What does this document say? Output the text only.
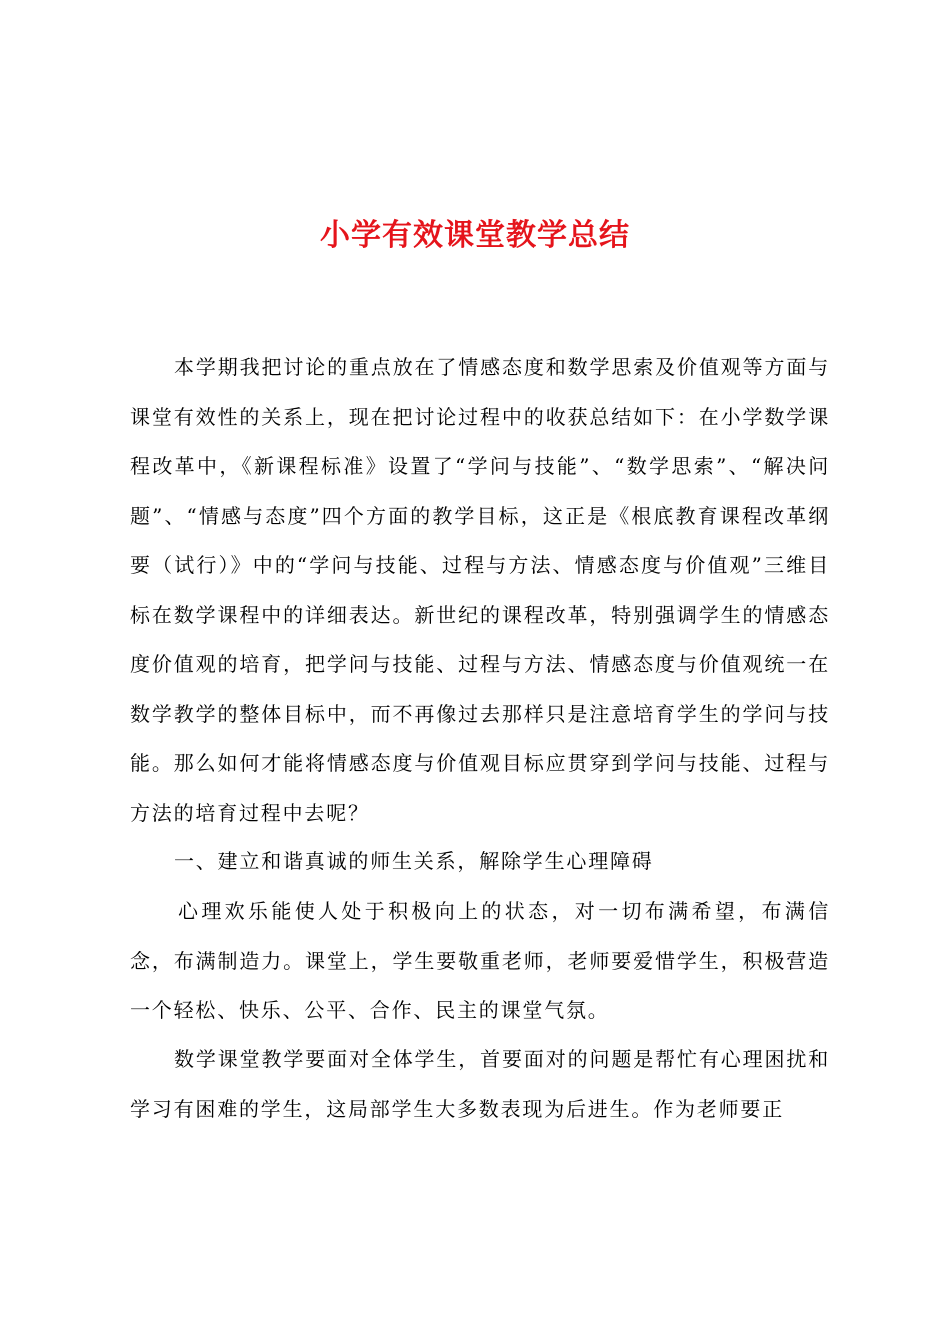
小学有效课堂教学总结

本学期我把讨论的重点放在了情感态度和数学思索及价值观等方面与课堂有效性的关系上，现在把讨论过程中的收获总结如下：在小学数学课程改革中，《新课程标准》设置了“学问与技能”、“数学思索”、“解决问题”、“情感与态度”四个方面的教学目标，这正是《根底教育课程改革纲要（试行）》中的“学问与技能、过程与方法、情感态度与价值观”三维目标在数学课程中的详细表达。新世纪的课程改革，特别强调学生的情感态度价值观的培育，把学问与技能、过程与方法、情感态度与价值观统一在数学教学的整体目标中，而不再像过去那样只是注意培育学生的学问与技能。那么如何才能将情感态度与价值观目标应贯穿到学问与技能、过程与方法的培育过程中去呢？

一、建立和谐真诚的师生关系，解除学生心理障碍

心理欢乐能使人处于积极向上的状态，对一切布满希望，布满信念，布满制造力。课堂上，学生要敬重老师，老师要爱惜学生，积极营造一个轻松、快乐、公平、合作、民主的课堂气氛。

数学课堂教学要面对全体学生，首要面对的问题是帮忙有心理困扰和学习有困难的学生，这局部学生大多数表现为后进生。作为老师要正
